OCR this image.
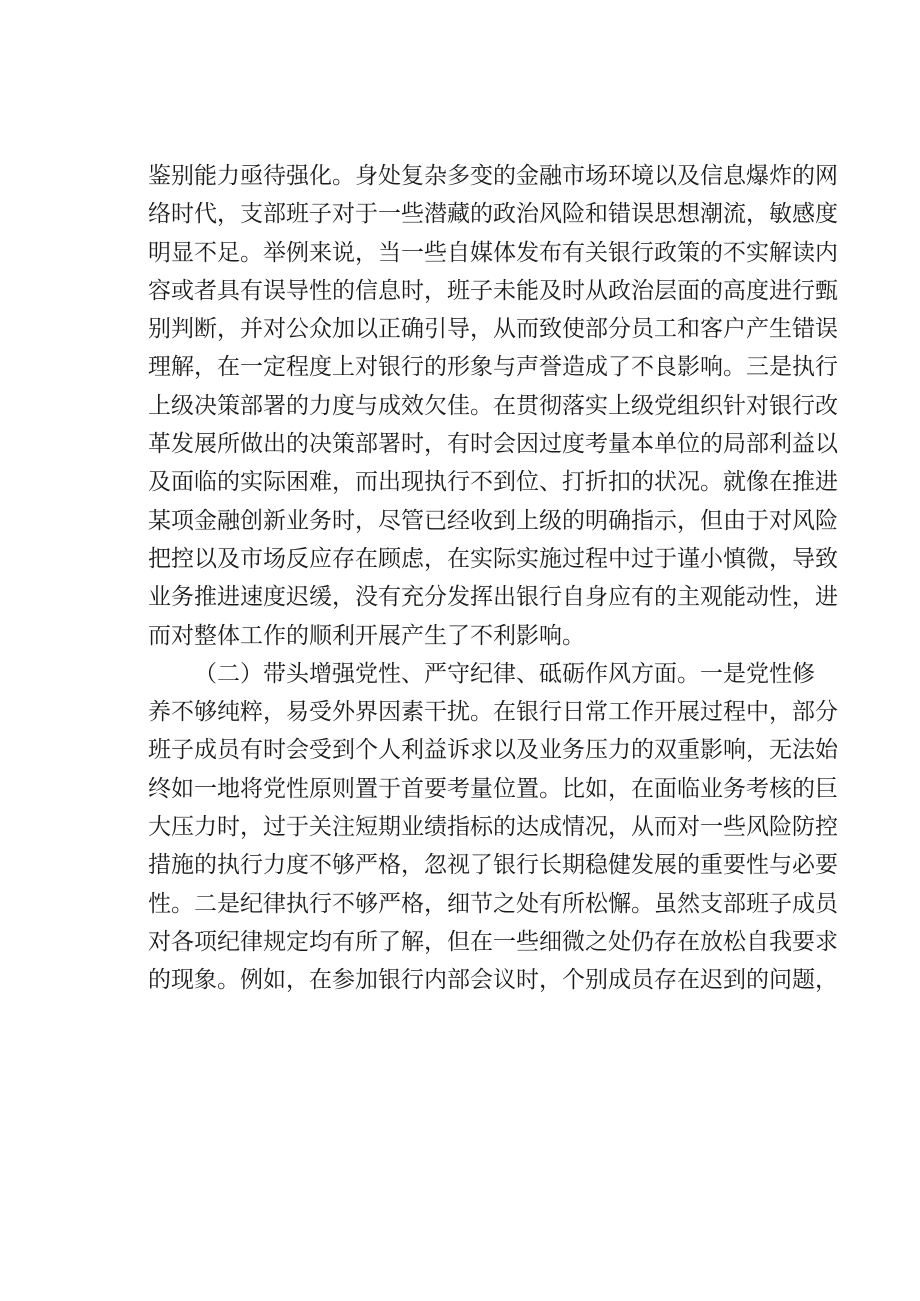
鉴别能力亟待强化。身处复杂多变的金融市场环境以及信息爆炸的网
络时代，支部班子对于一些潜藏的政治风险和错误思想潮流，敏感度
明显不足。举例来说，当一些自媒体发布有关银行政策的不实解读内
容或者具有误导性的信息时，班子未能及时从政治层面的高度进行甄
别判断，并对公众加以正确引导，从而致使部分员工和客户产生错误
理解，在一定程度上对银行的形象与声誉造成了不良影响。三是执行
上级决策部署的力度与成效欠佳。在贯彻落实上级党组织针对银行改
革发展所做出的决策部署时，有时会因过度考量本单位的局部利益以
及面临的实际困难，而出现执行不到位、打折扣的状况。就像在推进
某项金融创新业务时，尽管已经收到上级的明确指示，但由于对风险
把控以及市场反应存在顾虑，在实际实施过程中过于谨小慎微，导致
业务推进速度迟缓，没有充分发挥出银行自身应有的主观能动性，进
而对整体工作的顺利开展产生了不利影响。
（二）带头增强党性、严守纪律、砥砺作风方面。一是党性修
养不够纯粹，易受外界因素干扰。在银行日常工作开展过程中，部分
班子成员有时会受到个人利益诉求以及业务压力的双重影响，无法始
终如一地将党性原则置于首要考量位置。比如，在面临业务考核的巨
大压力时，过于关注短期业绩指标的达成情况，从而对一些风险防控
措施的执行力度不够严格，忽视了银行长期稳健发展的重要性与必要
性。二是纪律执行不够严格，细节之处有所松懈。虽然支部班子成员
对各项纪律规定均有所了解，但在一些细微之处仍存在放松自我要求
的现象。例如，在参加银行内部会议时，个别成员存在迟到的问题，
